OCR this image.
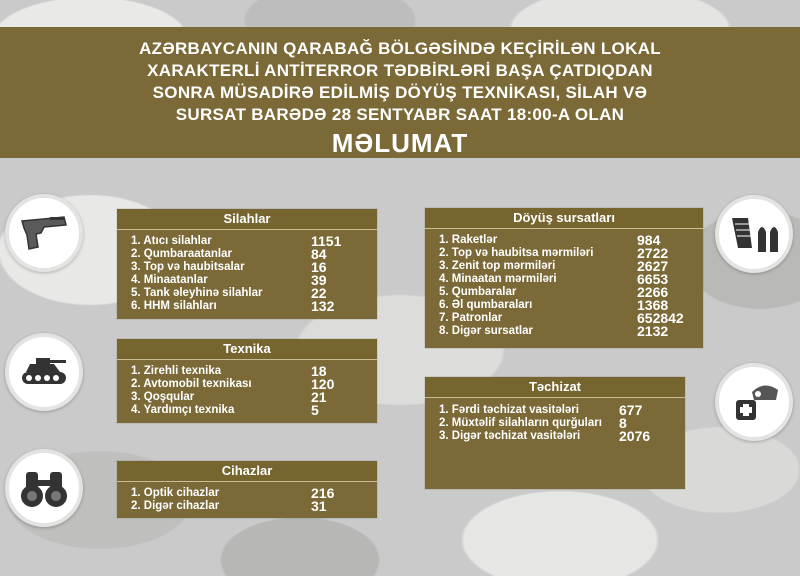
AZƏRBAYCANIN QARABAĞ BÖLGƏSİNDƏ KEÇİRİLƏN LOKAL
XARAKTERLİ ANTİTERROR TƏDBİRLƏRİ BAŞA ÇATDIQDAN
SONRA MÜSADİRƏ EDİLMİŞ DÖYÜŞ TEXNİKASI, SİLAH VƏ
SURSAT BARƏDƏ 28 SENTYABR SAAT 18:00-A OLAN
MƏLUMAT
Silahlar
1. Atıcı silahlar	1151
2. Qumbaraatanlar	84
3. Top və haubitsalar	16
4. Minaatanlar	39
5. Tank əleyhinə silahlar	22
6. HHM silahları	132
Texnika
1. Zirehli texnika	18
2. Avtomobil texnikası	120
3. Qoşqular	21
4. Yardımçı texnika	5
Cihazlar
1. Optik cihazlar	216
2. Digər cihazlar	31
Döyüş sursatları
1. Raketlər	984
2. Top və haubitsa mərmiləri	2722
3. Zenit top mərmiləri	2627
4. Minaatan mərmiləri	6653
5. Qumbaralar	2266
6. Əl qumbaraları	1368
7. Patronlar	652842
8. Digər sursatlar	2132
Təchizat
1. Fərdi təchizat vasitələri	677
2. Müxtəlif silahların qurğuları	8
3. Digər təchizat vasitələri	2076
